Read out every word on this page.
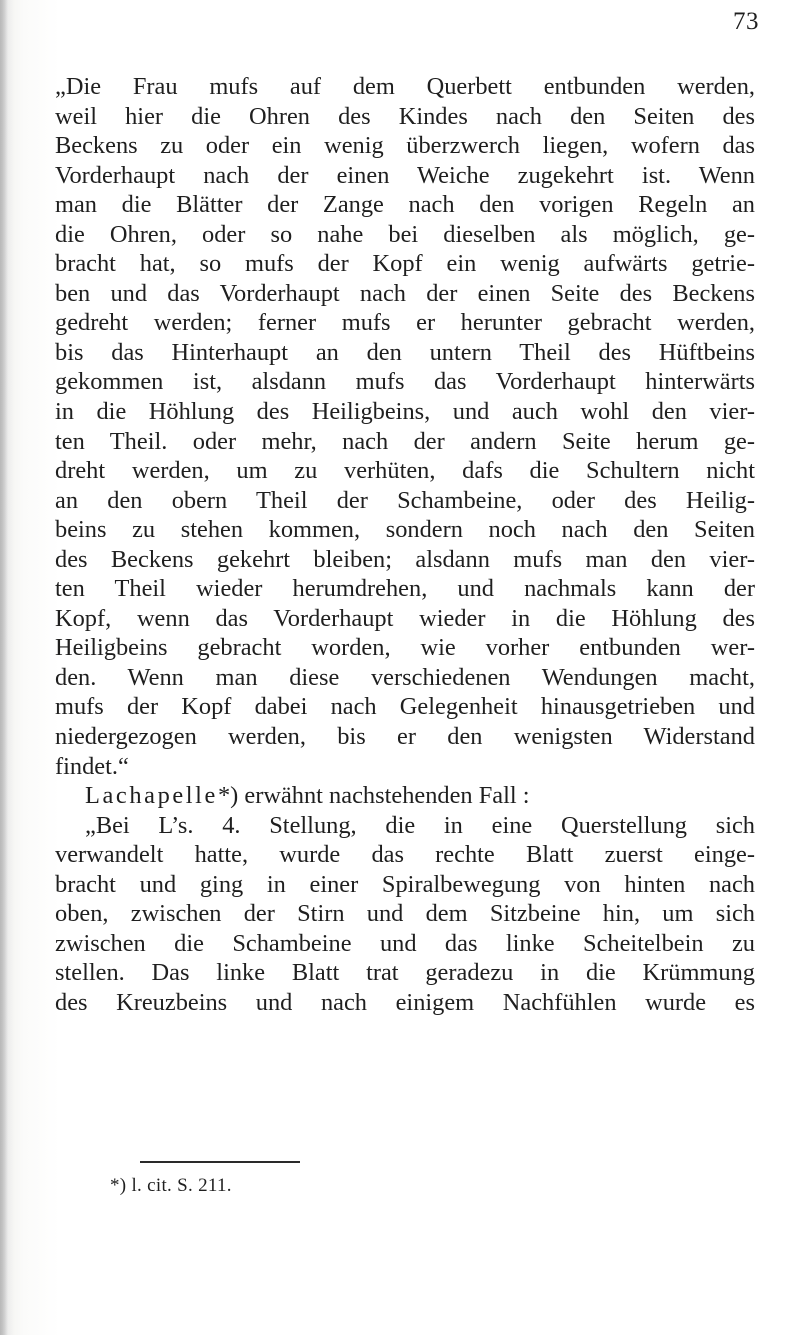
73
„Die Frau mufs auf dem Querbett entbunden werden,
weil hier die Ohren des Kindes nach den Seiten des
Beckens zu oder ein wenig überzwerch liegen, wofern das
Vorderhaupt nach der einen Weiche zugekehrt ist. Wenn
man die Blätter der Zange nach den vorigen Regeln an
die Ohren, oder so nahe bei dieselben als möglich, ge-
bracht hat, so mufs der Kopf ein wenig aufwärts getrie-
ben und das Vorderhaupt nach der einen Seite des Beckens
gedreht werden; ferner mufs er herunter gebracht werden,
bis das Hinterhaupt an den untern Theil des Hüftbeins
gekommen ist, alsdann mufs das Vorderhaupt hinterwärts
in die Höhlung des Heiligbeins, und auch wohl den vier-
ten Theil. oder mehr, nach der andern Seite herum ge-
dreht werden, um zu verhüten, dafs die Schultern nicht
an den obern Theil der Schambeine, oder des Heilig-
beins zu stehen kommen, sondern noch nach den Seiten
des Beckens gekehrt bleiben; alsdann mufs man den vier-
ten Theil wieder herumdrehen, und nachmals kann der
Kopf, wenn das Vorderhaupt wieder in die Höhlung des
Heiligbeins gebracht worden, wie vorher entbunden wer-
den. Wenn man diese verschiedenen Wendungen macht,
mufs der Kopf dabei nach Gelegenheit hinausgetrieben und
niedergezogen werden, bis er den wenigsten Widerstand
findet.“
Lachapelle*) erwähnt nachstehenden Fall :
„Bei L’s. 4. Stellung, die in eine Querstellung sich
verwandelt hatte, wurde das rechte Blatt zuerst einge-
bracht und ging in einer Spiralbewegung von hinten nach
oben, zwischen der Stirn und dem Sitzbeine hin, um sich
zwischen die Schambeine und das linke Scheitelbein zu
stellen. Das linke Blatt trat geradezu in die Krümmung
des Kreuzbeins und nach einigem Nachfühlen wurde es
*) l. cit. S. 211.
